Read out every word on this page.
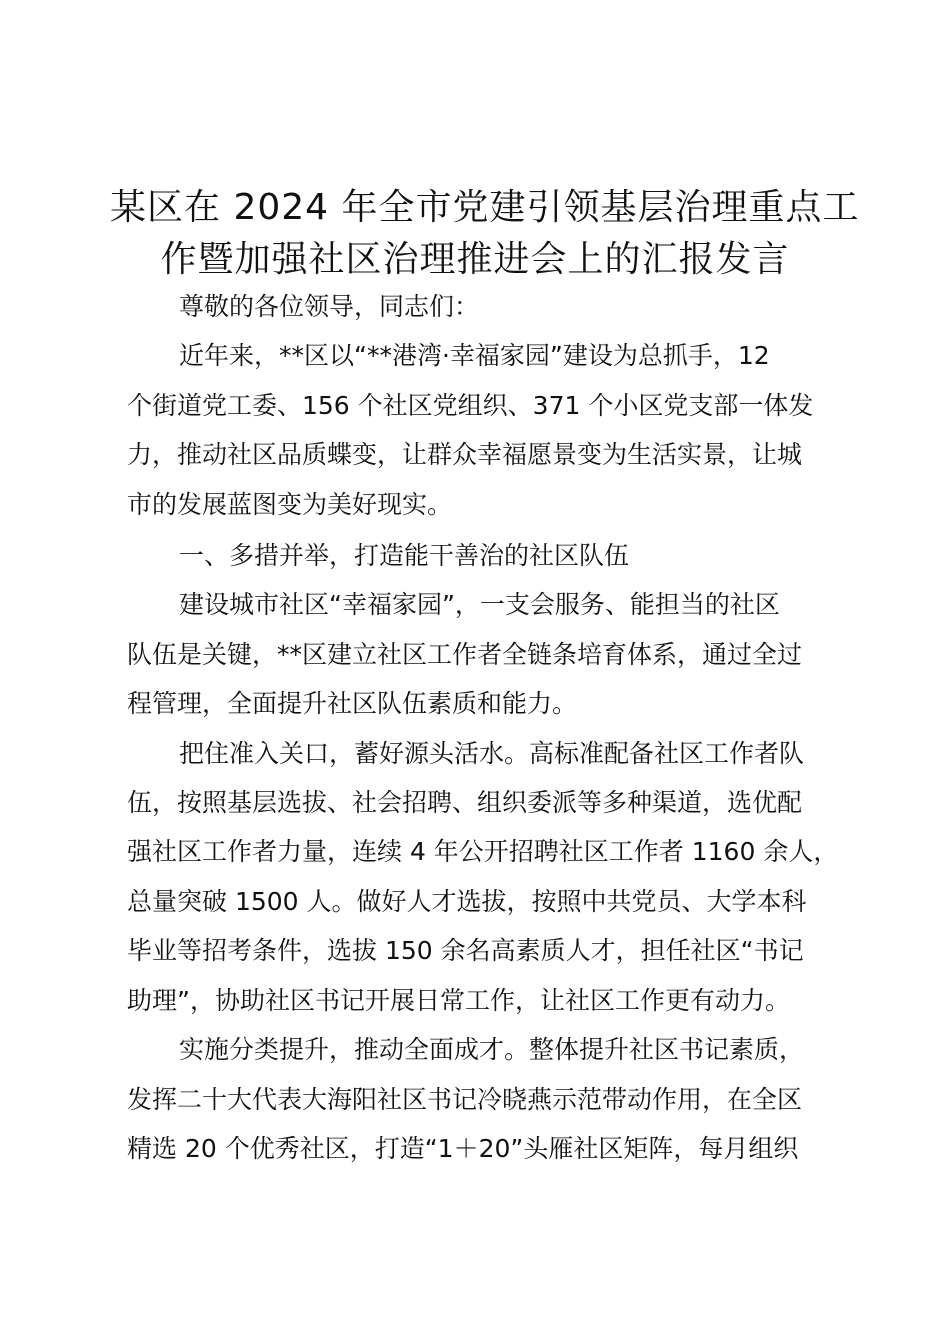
某区在 2024 年全市党建引领基层治理重点工
作暨加强社区治理推进会上的汇报发言
尊敬的各位领导，同志们：
近年来，**区以“**港湾·幸福家园”建设为总抓手，12
个街道党工委、156 个社区党组织、371 个小区党支部一体发
力，推动社区品质蝶变，让群众幸福愿景变为生活实景，让城
市的发展蓝图变为美好现实。
一、多措并举，打造能干善治的社区队伍
建设城市社区“幸福家园”，一支会服务、能担当的社区
队伍是关键，**区建立社区工作者全链条培育体系，通过全过
程管理，全面提升社区队伍素质和能力。
把住准入关口，蓄好源头活水。高标准配备社区工作者队
伍，按照基层选拔、社会招聘、组织委派等多种渠道，选优配
强社区工作者力量，连续 4 年公开招聘社区工作者 1160 余人，
总量突破 1500 人。做好人才选拔，按照中共党员、大学本科
毕业等招考条件，选拔 150 余名高素质人才，担任社区“书记
助理”，协助社区书记开展日常工作，让社区工作更有动力。
实施分类提升，推动全面成才。整体提升社区书记素质，
发挥二十大代表大海阳社区书记冷晓燕示范带动作用，在全区
精选 20 个优秀社区，打造“1＋20”头雁社区矩阵，每月组织
